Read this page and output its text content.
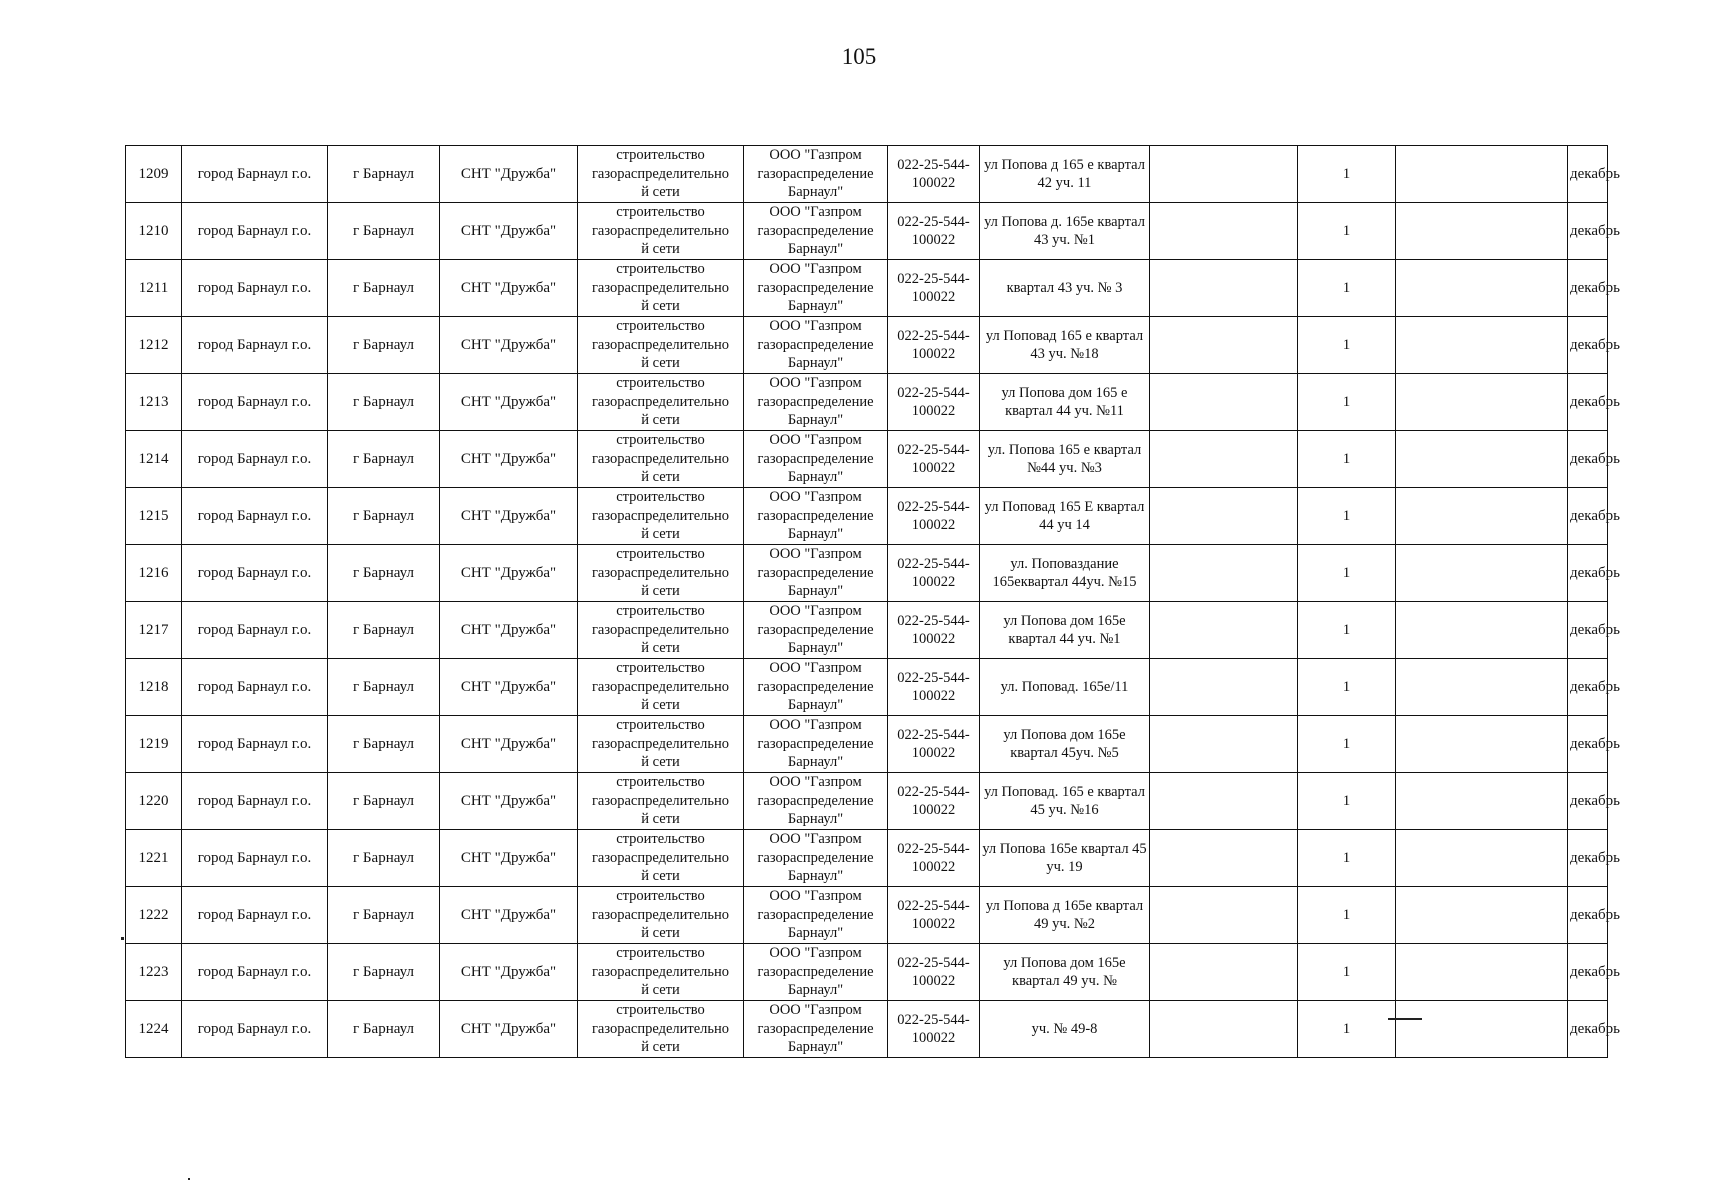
105
1209	город Барнаул г.о.	г Барнаул	СНТ "Дружба"	строительство
газораспределительно
й сети	ООО "Газпром
газораспределение
Барнаул"	022-25-544-100022	ул Попова д 165 е квартал 42 уч. 11		1		декабрь	
1210	город Барнаул г.о.	г Барнаул	СНТ "Дружба"	строительство
газораспределительно
й сети	ООО "Газпром
газораспределение
Барнаул"	022-25-544-100022	ул Попова д. 165е квартал 43 уч. №1		1		декабрь	
1211	город Барнаул г.о.	г Барнаул	СНТ "Дружба"	строительство
газораспределительно
й сети	ООО "Газпром
газораспределение
Барнаул"	022-25-544-100022	квартал 43 уч. № 3		1		декабрь	
1212	город Барнаул г.о.	г Барнаул	СНТ "Дружба"	строительство
газораспределительно
й сети	ООО "Газпром
газораспределение
Барнаул"	022-25-544-100022	ул Поповад 165 е квартал 43 уч. №18		1		декабрь	
1213	город Барнаул г.о.	г Барнаул	СНТ "Дружба"	строительство
газораспределительно
й сети	ООО "Газпром
газораспределение
Барнаул"	022-25-544-100022	ул Попова дом 165 е квартал 44 уч. №11		1		декабрь	
1214	город Барнаул г.о.	г Барнаул	СНТ "Дружба"	строительство
газораспределительно
й сети	ООО "Газпром
газораспределение
Барнаул"	022-25-544-100022	ул. Попова 165 е квартал №44 уч. №3		1		декабрь	
1215	город Барнаул г.о.	г Барнаул	СНТ "Дружба"	строительство
газораспределительно
й сети	ООО "Газпром
газораспределение
Барнаул"	022-25-544-100022	ул Поповад 165 Е квартал 44 уч 14		1		декабрь	
1216	город Барнаул г.о.	г Барнаул	СНТ "Дружба"	строительство
газораспределительно
й сети	ООО "Газпром
газораспределение
Барнаул"	022-25-544-100022	ул. Поповаздание 165еквартал 44уч. №15		1		декабрь	
1217	город Барнаул г.о.	г Барнаул	СНТ "Дружба"	строительство
газораспределительно
й сети	ООО "Газпром
газораспределение
Барнаул"	022-25-544-100022	ул Попова дом 165е квартал 44 уч. №1		1		декабрь	
1218	город Барнаул г.о.	г Барнаул	СНТ "Дружба"	строительство
газораспределительно
й сети	ООО "Газпром
газораспределение
Барнаул"	022-25-544-100022	ул. Поповад. 165е/11		1		декабрь	
1219	город Барнаул г.о.	г Барнаул	СНТ "Дружба"	строительство
газораспределительно
й сети	ООО "Газпром
газораспределение
Барнаул"	022-25-544-100022	ул Попова дом 165е квартал 45уч. №5		1		декабрь	
1220	город Барнаул г.о.	г Барнаул	СНТ "Дружба"	строительство
газораспределительно
й сети	ООО "Газпром
газораспределение
Барнаул"	022-25-544-100022	ул Поповад. 165 е квартал 45 уч. №16		1		декабрь	
1221	город Барнаул г.о.	г Барнаул	СНТ "Дружба"	строительство
газораспределительно
й сети	ООО "Газпром
газораспределение
Барнаул"	022-25-544-100022	ул Попова 165е квартал 45 уч. 19		1		декабрь	
1222	город Барнаул г.о.	г Барнаул	СНТ "Дружба"	строительство
газораспределительно
й сети	ООО "Газпром
газораспределение
Барнаул"	022-25-544-100022	ул Попова д 165е квартал 49 уч. №2		1		декабрь	
1223	город Барнаул г.о.	г Барнаул	СНТ "Дружба"	строительство
газораспределительно
й сети	ООО "Газпром
газораспределение
Барнаул"	022-25-544-100022	ул Попова дом 165е квартал 49 уч. №		1		декабрь	
1224	город Барнаул г.о.	г Барнаул	СНТ "Дружба"	строительство
газораспределительно
й сети	ООО "Газпром
газораспределение
Барнаул"	022-25-544-100022	уч. № 49-8		1		декабрь	
